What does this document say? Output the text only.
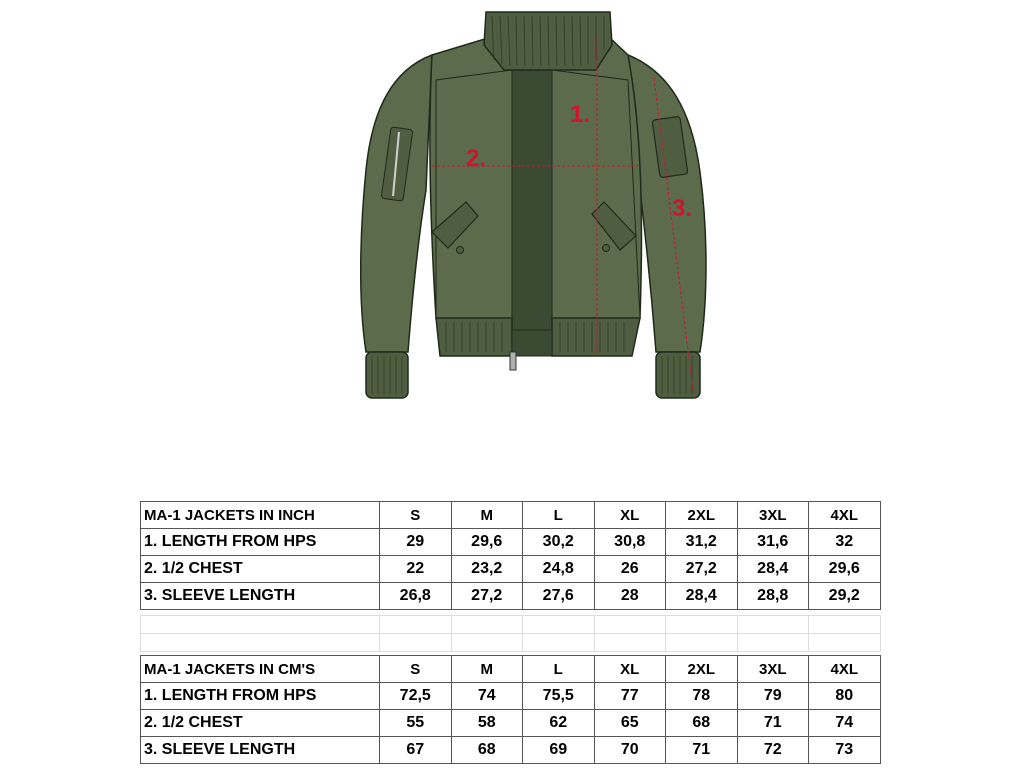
1.
2.
3.
MA-1 JACKETS IN INCH	S	M	L	XL	2XL	3XL	4XL
1. LENGTH FROM HPS	29	29,6	30,2	30,8	31,2	31,6	32
2. 1/2 CHEST	22	23,2	24,8	26	27,2	28,4	29,6
3. SLEEVE LENGTH	26,8	27,2	27,6	28	28,4	28,8	29,2

MA-1 JACKETS IN CM'S	S	M	L	XL	2XL	3XL	4XL
1. LENGTH FROM HPS	72,5	74	75,5	77	78	79	80
2. 1/2 CHEST	55	58	62	65	68	71	74
3. SLEEVE LENGTH	67	68	69	70	71	72	73
